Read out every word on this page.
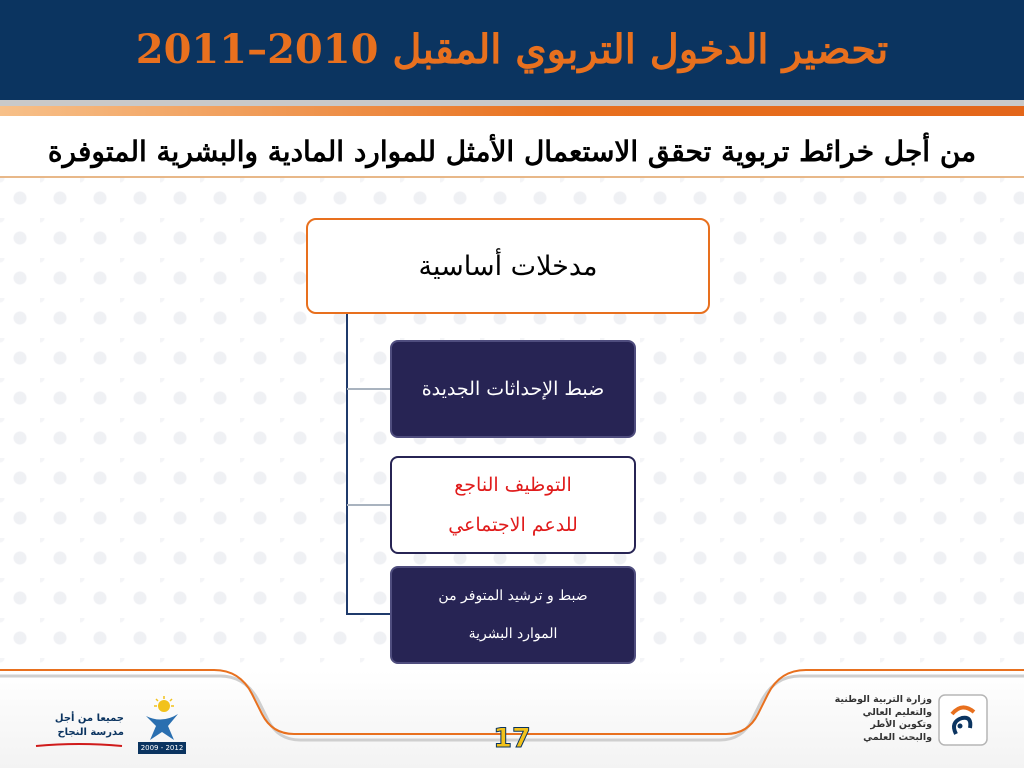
تحضير الدخول التربوي المقبل 2010–2011
من أجل خرائط تربوية تحقق الاستعمال الأمثل للموارد المادية والبشرية المتوفرة
مدخلات أساسية
ضبط الإحداثات الجديدة
التوظيف الناجع
للدعم الاجتماعي
ضبط و ترشيد المتوفر من
الموارد البشرية
جميعا من أجل
مدرسة النجاح
2009 - 2012	17
وزارة التربية الوطنية
والتعليم العالي
وتكوين الأطر
والبحث العلمي
